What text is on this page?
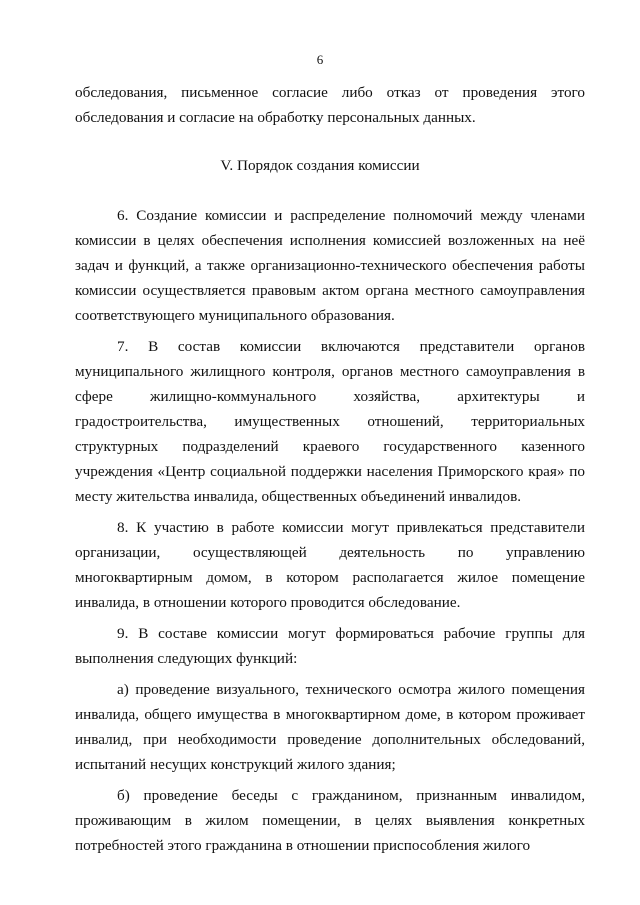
6

обследования, письменное согласие либо отказ от проведения этого обследования и согласие на обработку персональных данных.

V. Порядок создания комиссии

6. Создание комиссии и распределение полномочий между членами комиссии в целях обеспечения исполнения комиссией возложенных на неё задач и функций, а также организационно-технического обеспечения работы комиссии осуществляется правовым актом органа местного самоуправления соответствующего муниципального образования.

7. В состав комиссии включаются представители органов муниципального жилищного контроля, органов местного самоуправления в сфере жилищно-коммунального хозяйства, архитектуры и градостроительства, имущественных отношений, территориальных структурных подразделений краевого государственного казенного учреждения «Центр социальной поддержки населения Приморского края» по месту жительства инвалида, общественных объединений инвалидов.

8. К участию в работе комиссии могут привлекаться представители организации, осуществляющей деятельность по управлению многоквартирным домом, в котором располагается жилое помещение инвалида, в отношении которого проводится обследование.

9. В составе комиссии могут формироваться рабочие группы для выполнения следующих функций:

а) проведение визуального, технического осмотра жилого помещения инвалида, общего имущества в многоквартирном доме, в котором проживает инвалид, при необходимости проведение дополнительных обследований, испытаний несущих конструкций жилого здания;

б) проведение беседы с гражданином, признанным инвалидом, проживающим в жилом помещении, в целях выявления конкретных потребностей этого гражданина в отношении приспособления жилого
